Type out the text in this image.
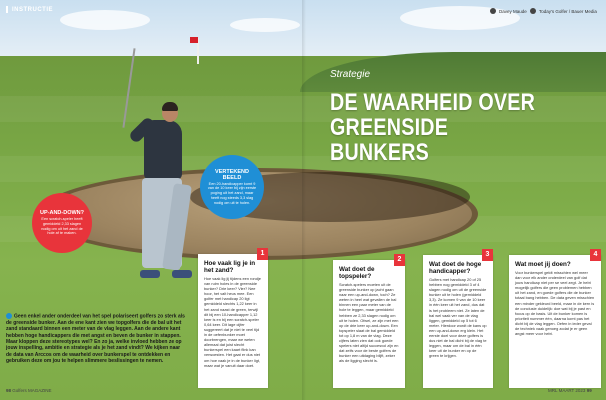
INSTRUCTIE	Davey Maude	Today's Golfer / Bauer Media
Strategie
DE WAARHEID OVER
GREENSIDE BUNKERS
VERTEKEND BEELD

Een 20-handicapper komt 9 van de 10 keer bij zijn eerste poging uit het zand, maar heeft nog steeds 3,3 slag nodig om uit te holen.

UP-AND-DOWN?

Een scratch-speler heeft gemiddeld 2,33 slagen nodig om uit het zand de hole af te maken.

Geen enkel ander onderdeel van het spel polariseert golfers zo sterk als de greenside bunker. Aan de ene kant zien we topgolfers die de bal uit het zand standaard binnen een meter van de vlag leggen. Aan de andere kant hebben hoge handicappers die met angst en beven de bunker in stappen. Maar kloppen deze stereotypes wel? En zo ja, welke invloed hebben ze op jouw inspelling, ambitie en strategie als je het zand vindt? We kijken naar de data van Arccos om de waarheid over bunkerspel te ontdekken en gebruiken deze om jou te helpen slimmere beslissingen te nemen.
1
Hoe vaak lig je in het zand?

Hoe vaak lig jij tijdens een rondje van ruim holes in de greenside bunker? Drie keer? Vier? Nee hoor, het valt heus mee. Een golfer met handicap 20 ligt gemiddeld slechts 1,22 keer in het zand naast de green, terwijl dit bij een 10-handicapper 1,12 keer is en bij een scratch-speler 0,64 keer. Dit lage cijfer suggereert dat je niet te veel tijd in de oefenbunker moet doorbrengen, maar we weten allemaal dat juist slecht bunkerspel een kaart flink kan verwoesten. Het gaat er dus niet om hoe vaak je in de bunker ligt, maar wat je vanuit daar doet.

2
Wat doet de topspeler?

Scratch-spelers moeten uit de greenside bunker op jacht gaan naar een up-and-down, toch? Ze weten in heel wat gevallen de bal binnen een paar meter van de hole te leggen, maar gemiddeld hebben ze 2,33 slagen nodig om uit te holen. Ofwel, ze zijn met een op de drie keer up-and-down. Een topspeler slaat de bal gemiddeld tot op 1,8 m van de vlag. Deze cijfers laten zien dat ook goede spelers niet altijd succesvol zijn en dat zelfs voor de beste golfers de bunker een uitdaging blijft, zeker als de ligging slecht is.

3
Wat doet de hoge handicapper?

Golfers met handicap 20 of 25 hebben nog gemiddeld 3 of 4 slagen nodig om uit de greenside bunker uit te holen (gemiddeld 3,3). Ze komen 9 van de 10 keer in één keer uit het zand, dus dat is het probleem niet. Ze laten de bal wel vaak ver van de vlag liggen, gemiddeld op 5 tot 6 meter. Hierdoor wordt de kans op een up-and-down erg klein. Het eerste doel voor deze golfers is dus niet de bal dicht bij de vlag te leggen, maar om de bal in één keer uit de bunker en op de green te krijgen.

4
Wat moet jij doen?

Voor bunkerspel geldt misschien wel meer dan voor elk ander onderdeel van golf dat jouw handicap niet per se veel zegt. Je hebt mogelijk golfers die geen problemen hebben uit het zand, en goede golfers die de bunker totaal bang hebben. De data geven misschien een minder gekleurd beeld, maar in de kern is de conclusie duidelijk: doe wat bij je past en focus op de basis. Uit de bunker komen is prioriteit nummer één, daarna komt pas het dicht bij de vlag leggen. Oefen in ieder geval de techniek vaak genoeg zodat je er geen angst meer voor hebt.

98 Golfers MAGAZINE	MRL MAART 2023 99
